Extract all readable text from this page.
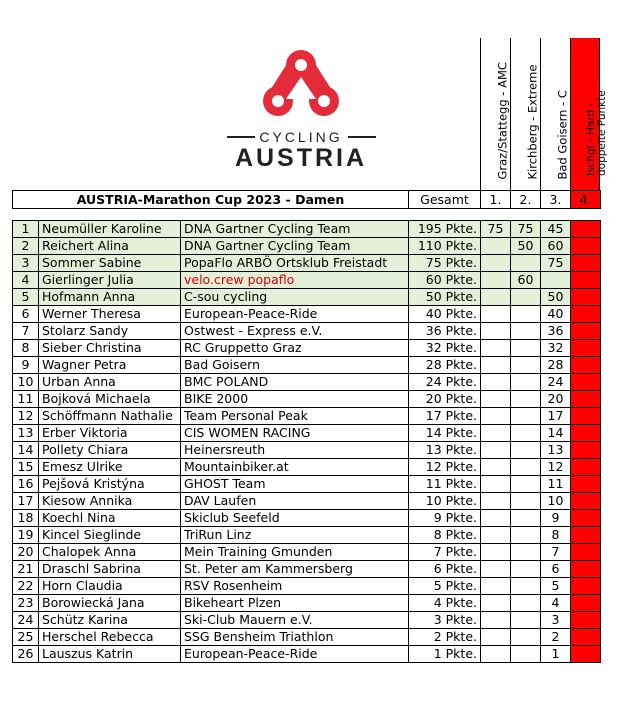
CYCLING
AUSTRIA	Graz/Stattegg - AMC Kirchberg - Extreme Bad Goisern - C Ischgl - Hard - doppelte Punkte
AUSTRIA-Marathon Cup 2023 - Damen	Gesamt	1.	2.	3.	4.
1	Neumüller Karoline	DNA Gartner Cycling Team	195 Pkte.	75	75	45	
2	Reichert Alina	DNA Gartner Cycling Team	110 Pkte.		50	60	
3	Sommer Sabine	PopaFlo ARBÖ Ortsklub Freistadt	75 Pkte.			75	
4	Gierlinger Julia	velo.crew popaflo	60 Pkte.		60		
5	Hofmann Anna	C-sou cycling	50 Pkte.			50	
6	Werner Theresa	European-Peace-Ride	40 Pkte.			40	
7	Stolarz Sandy	Ostwest - Express e.V.	36 Pkte.			36	
8	Sieber Christina	RC Gruppetto Graz	32 Pkte.			32	
9	Wagner Petra	Bad Goisern	28 Pkte.			28	
10	Urban Anna	BMC POLAND	24 Pkte.			24	
11	Bojková Michaela	BIKE 2000	20 Pkte.			20	
12	Schöffmann Nathalie	Team Personal Peak	17 Pkte.			17	
13	Erber Viktoria	CIS WOMEN RACING	14 Pkte.			14	
14	Pollety Chiara	Heinersreuth	13 Pkte.			13	
15	Emesz Ulrike	Mountainbiker.at	12 Pkte.			12	
16	Pejšová Kristýna	GHOST Team	11 Pkte.			11	
17	Kiesow Annika	DAV Laufen	10 Pkte.			10	
18	Koechl Nina	Skiclub Seefeld	9 Pkte.			9	
19	Kincel Sieglinde	TriRun Linz	8 Pkte.			8	
20	Chalopek Anna	Mein Training Gmunden	7 Pkte.			7	
21	Draschl Sabrina	St. Peter am Kammersberg	6 Pkte.			6	
22	Horn Claudia	RSV Rosenheim	5 Pkte.			5	
23	Borowiecká Jana	Bikeheart Plzen	4 Pkte.			4	
24	Schütz Karina	Ski-Club Mauern e.V.	3 Pkte.			3	
25	Herschel Rebecca	SSG Bensheim Triathlon	2 Pkte.			2	
26	Lauszus Katrin	European-Peace-Ride	1 Pkte.			1	
